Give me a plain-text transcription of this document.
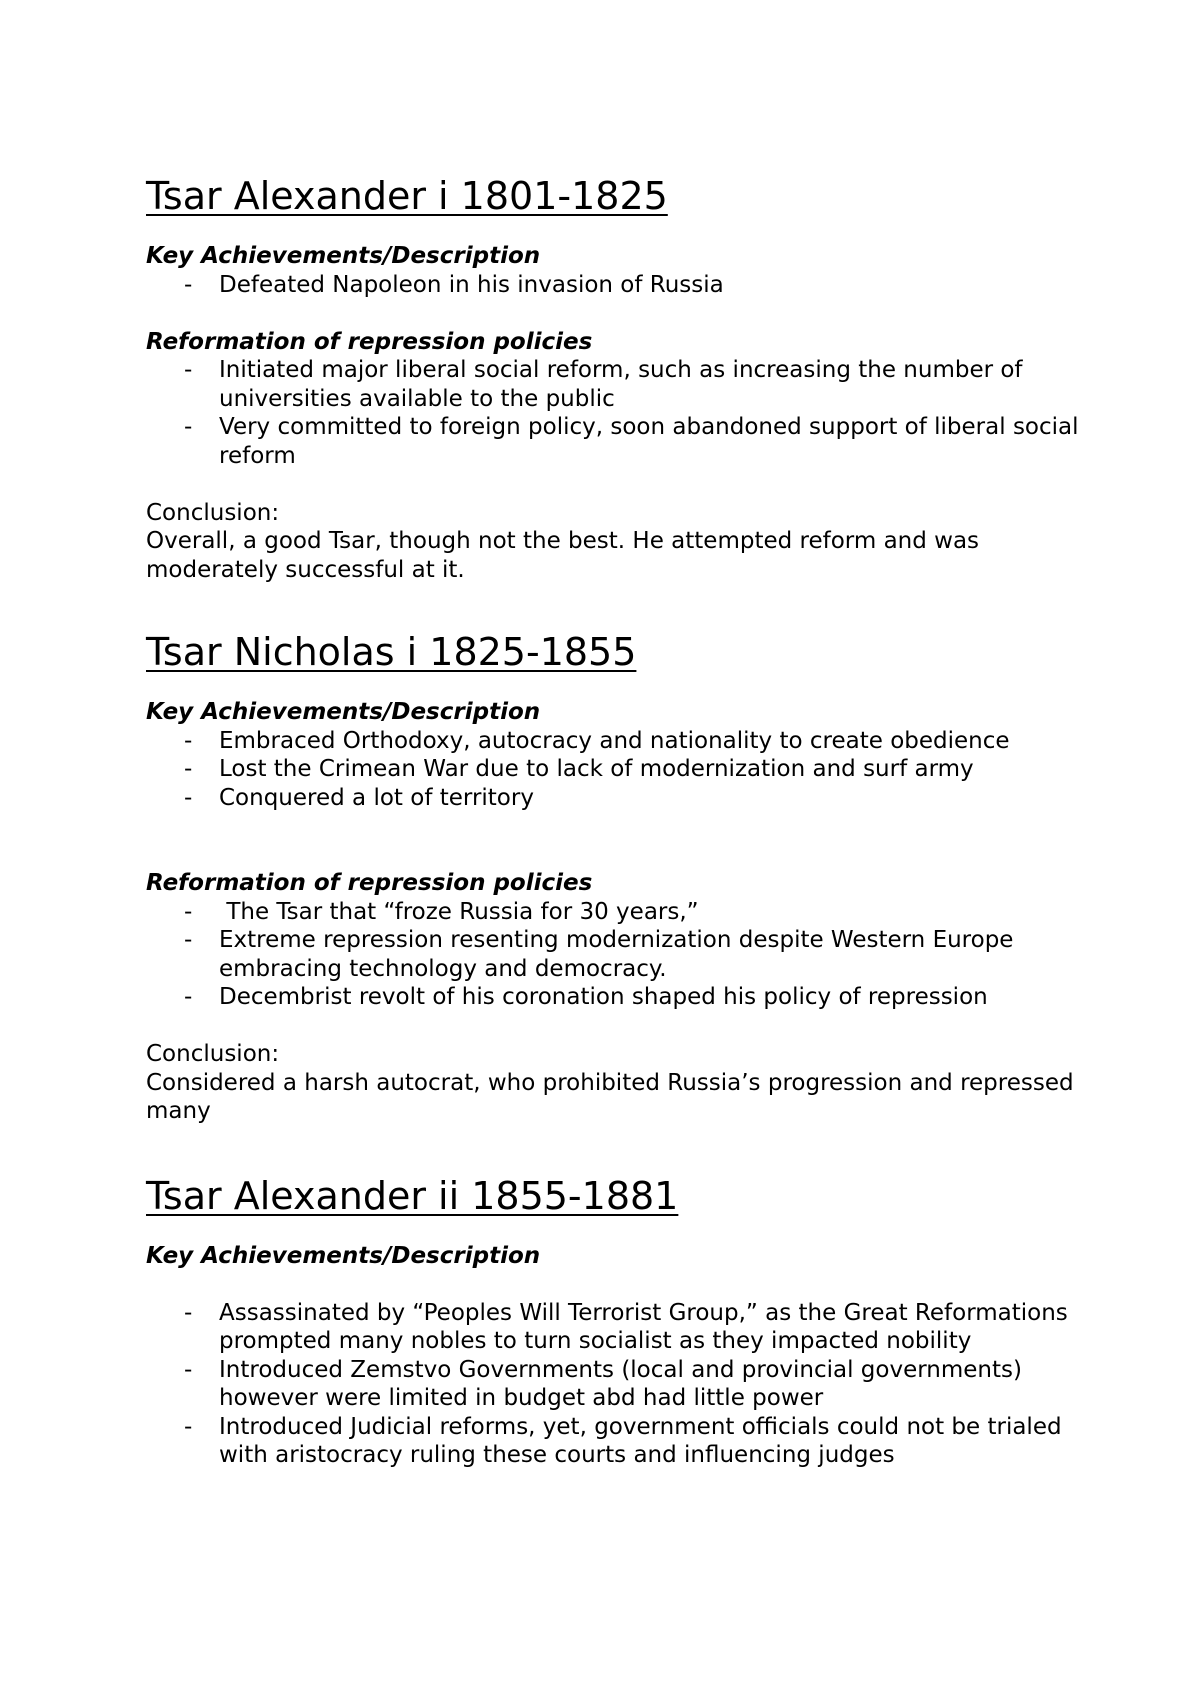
Tsar Alexander i 1801-1825
Key Achievements/Description
- Defeated Napoleon in his invasion of Russia
Reformation of repression policies
- Initiated major liberal social reform, such as increasing the number of universities available to the public
- Very committed to foreign policy, soon abandoned support of liberal social reform

Conclusion:

Overall, a good Tsar, though not the best. He attempted reform and was moderately successful at it.

Tsar Nicholas i 1825-1855
Key Achievements/Description
- Embraced Orthodoxy, autocracy and nationality to create obedience
- Lost the Crimean War due to lack of modernization and surf army
- Conquered a lot of territory
Reformation of repression policies
- The Tsar that “froze Russia for 30 years,”
- Extreme repression resenting modernization despite Western Europe embracing technology and democracy.
- Decembrist revolt of his coronation shaped his policy of repression

Conclusion:

Considered a harsh autocrat, who prohibited Russia’s progression and repressed many

Tsar Alexander ii 1855-1881
Key Achievements/Description
- Assassinated by “Peoples Will Terrorist Group,” as the Great Reformations prompted many nobles to turn socialist as they impacted nobility
- Introduced Zemstvo Governments (local and provincial governments) however were limited in budget abd had little power
- Introduced Judicial reforms, yet, government officials could not be trialed with aristocracy ruling these courts and influencing judges
